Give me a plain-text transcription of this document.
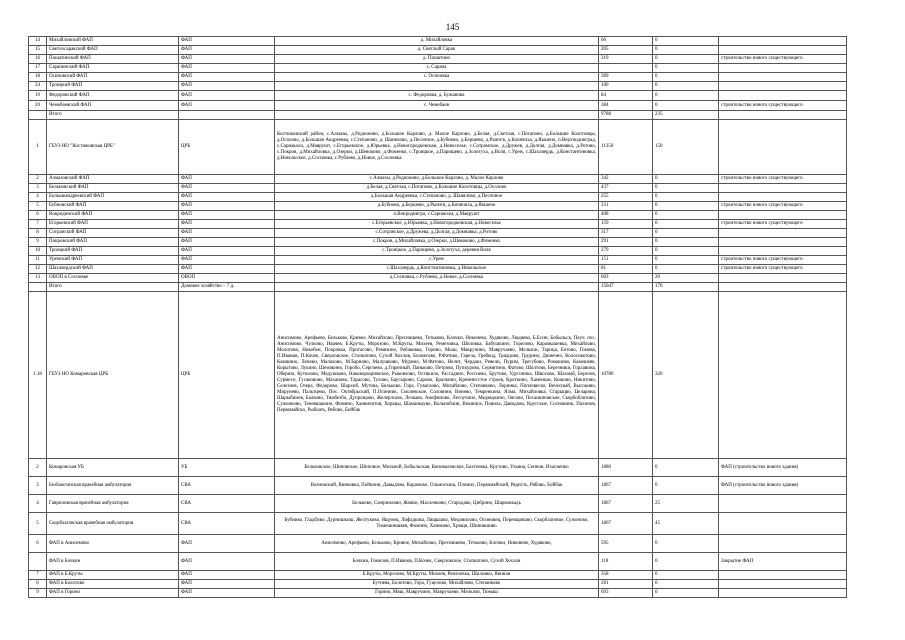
145
14	Михайловский ФАП	ФАП	д. Михайловка	66	0	
15	Светлосаракский ФАП	ФАП	д. Светлый Сарак	205	0	
16	Пошатинский ФАП	ФАП	д. Пошатино	319	0	строительство нового существующего
17	Сарапинский ФАП	ФАП	с. Сарапа		0	
18	Осиповский ФАП	ФАП	с. Осиповка	389	0	
24	Троицкий ФАП	ФАП		100	0	
19	Федоровский ФАП	ФАП	с. Федоровка, д. Бужанова	84	0	
20	Чемебаевский ФАП	ФАП	с. Чемебаев	384	0	строительство нового существующего
	Итого			9788	235	
1	ГБУЗ НО "Костюковская ЦРБ"	ЦРБ	Костюковский район, с.Алмазы, д.Родионово, д.Большое Карлово, д. Малое Карлово, д.Белая, д.Светлая, с.Потапово, д.Большие Колотовцы, д.Осолово, д.Большая Андреевка, с.Степаново, д. Шанялово, д.Песочное, д.Бубново, д.Бершево, д.Рынзгв, д.Копячиха, д.Якшено, п.Верхнодинград, с.Сарнакхеа, д.Маврушт, с.Егорьевское, д.Юрьевка, д.Новогородковская, д.Новоселье, с.Сотрамское, д.Дружев, д.Долгая, д.Домнавка, д.Ротово, с.Покров, д.Михайловка, д.Озерки, д.Шевоково, д.Фоменко, с.Троицкое, д.Парищево, д.Золотуха, д.Воля, с.Урем, с.Шахляердь, д.Константиновка, д.Никольское, д.Сосновка, с.Рублево, д.Новое, д.Сосновка	11350	150	
2	Алмазовский ФАП	ФАП	с.Алмазы, д.Родионово, д.Большое Карлово, д. Малое Карлово	342	0	строительство нового существующего
3	Бельновский ФАП	ФАП	д.Белая, д.Светлая, с.Потапово, д.Большие Колотовцы, д.Осолово	437	0	
4	Большеандреевский ФАП	ФАП	д.Большая Андреевка, с.Степаново, д. Шанялово, д.Песочное	255	0	
5	Бубновский ФАП	ФАП	д.Бубново, д.Бершево, д.Рынзгв, д.Копячиха, д.Якшено	331	0	строительство нового существующего
6	Вокродинский ФАП	ФАП	п.Вокродингра, с.Сарнакхеа, д.Маврушт	408	0	
7	Егорьевский ФАП	ФАП	с.Егорьевское, д.Юрьевка, д.Новогородковская, д.Новоселье	159	0	строительство нового существующего
8	Сотранский ФАП	ФАП	с.Сотранское, д.Дружева, д.Долгая, д.Домнавка, д.Ротово	317	0	
9	Покровский ФАП	ФАП	с.Покров, д.Михайловка, д.Озерки, д.Шевоково, д.Фоменко	291	0	
10	Троицкий ФАП	ФАП	с.Троицкое, д.Парищево, д.Золотуха, деревня Воля	279	0	
11	Уремский ФАП	ФАП	с.Урем	151	0	строительство нового существующего
12	Шахляердский ФАП	ФАП	с.Шахляердь, д.Константиновка, д.Никольское	81	0	строительство нового существующего
13	ОВОП в Сосновке	ОВОП	д.Сосновка, с.Рублево, д.Новое, д.Сосновка	603	20	
	Итого	Домовое хозяйство – 7 д.		15047	170	
1.18	ГБУЗ НО Комаровская ЦРБ	ЦРБ	Анисимово, Арефьево, Бельково, Кривое, Михайлово, Преснишево, Тетьково, Клочки, Никонево, Худяково, Людяево, Б.Есин, Бобыльск, Пеуч. пос. Анисимово, Чулково, Ивачев, Б.Круты, Морозово, М.Круты, Михеев, Ремезовка, Шиловка, Бабушкино, Горелово, Карамышевка, Михайлово, Молотово, Никобен, Покровка, Протасово, Ремязино, Ребаковка, Горино, Мыш, Мавручино, Мавручаево, Мелкачи, Тарица, Ботово, Гомова, П.Иванов, П.Кочек, Сверловское, Стопкатово, Сухой Хохлов, Боловсово, Р.Фатово, Гарела, Гребкод, Грядцово, Грудино, Дюнечно, Колосовотово, Камшино, Лепеки, Малахово, М.Барново, Малушково, Мурино, М.Фатово, Нелит, Чердакз, Ревели, Пурим, Трегубово, Ромашово, Камешевк, Корытово, Лукино, Шемякино, Горобо, Сергиево, д.Гирячный, Паньково, Петрово, Пупкурово, Сермятино, Фатово, Шолтово, Березники, Горлавина, Оберию, Кутюзово, Медушково, Наковороцновское, Рыковлово, Оствкило, Рассадино, Россиево, Брутово, Удугоника, Швосово, Шахмаб, Березов, Сурмесо, Гусаковово, Маханово, Тарасово, Тулово, Баусырово, Сарово, Бралкино, Кремнисстое строев, Кроткино, Хаменкае, Кошово, Никитово, Селезнев, Озера, Федорово, Шархиб, Мутова, Бельково, Гора, Гуваслово, Михайлово, Степанково, Лоринка, Поплевеско, Вечесный, Высокиво, Мирунево, Пальтцево, Пос. Октябрьский, П.Осинник, Смолевские, Соловнин, Винево, Темренкина, Ялма, Михайловка, Старыцво, Целаряна, Шарыбинов, Балково, Тимбезбо, Дупрощово, Желерлсаво, Лезкаво, Анефиново, Лесоучино, Медведкино, Оясово, Песашиновское, Скорбоблизово, Сужонково, Теневшакино, Фомино, Ханвичитов, Хорацы, Шаманкауво, Вольноблин, Вешниск, Повила, Давидово, Кругские, Сосновинк, Пахинов, Первомайско, Рыбоать, Рябово, Бойбак	10780	320	
2	Комаровская УБ	УБ	Бельковское, Шиповское, Шиповое, Мельной, Бобыльская, Коноваловское, Бахтоевка, Крутово, Ульяна, Сеннов, Ихасиенко	1880	0	ФАП (строительство нового здания)
3	Безбажгинская врачебная амбулатория	СВА	Возновский, Винковка, Пойкинн, Давыдово, Карамово, Ольмоскиш, Пломих, Первомайский, Рядисть, Рябово, Бойбак	1867	0	ФАП (строительство нового здания)
4	Гавриловская врачебная амбулатория	СВА	Бельково, Смирнилово, Жовки, Масленково, Стародаво, Цибрино, Шарковкадь	1867	25	
5	Скорблаговская врачебная амбулатория	СВА	Бубнико, Гладбиво, Дурнишкиш, Желтуково, Ящувец, Лифадкиш, Лящышко, Медовилово, Осиновец, Перевщиково, Скорблаговое, Сужоново, Тимешиншвев, Фомино, Ханеково, Хрящи, Шинившиво	1867	45	
6	ФАП в Анисимово	ФАП	Анисимово, Арефьево, Бельково, Кривое, Михайлово, Преснишево, Тетьково, Клочки, Никонево, Худяково,	595	0	
	ФАП в Бочкин	ФАП	Бочкин, Гомилов, П.Иванов, П.Кочек, Сверловское, Стопкатово, Сухой Хохлов	118	0	Закрытие ФАП
7	ФАП в Б.Круты	ФАП	Б.Круты, Морозово, М.Круты, Михеев, Ремезовка, Шиловки, Явинаи	358	0	
8	ФАП в Болотово	ФАП	Бутнева, Болотово, Гора, Гуцелово, Михайлово, Степанково	281	0	
9	ФАП в Горино	ФАП	Горино, Мяш, Мавручино, Мавручаево, Мелкачи, Тюмаш	693	0	
